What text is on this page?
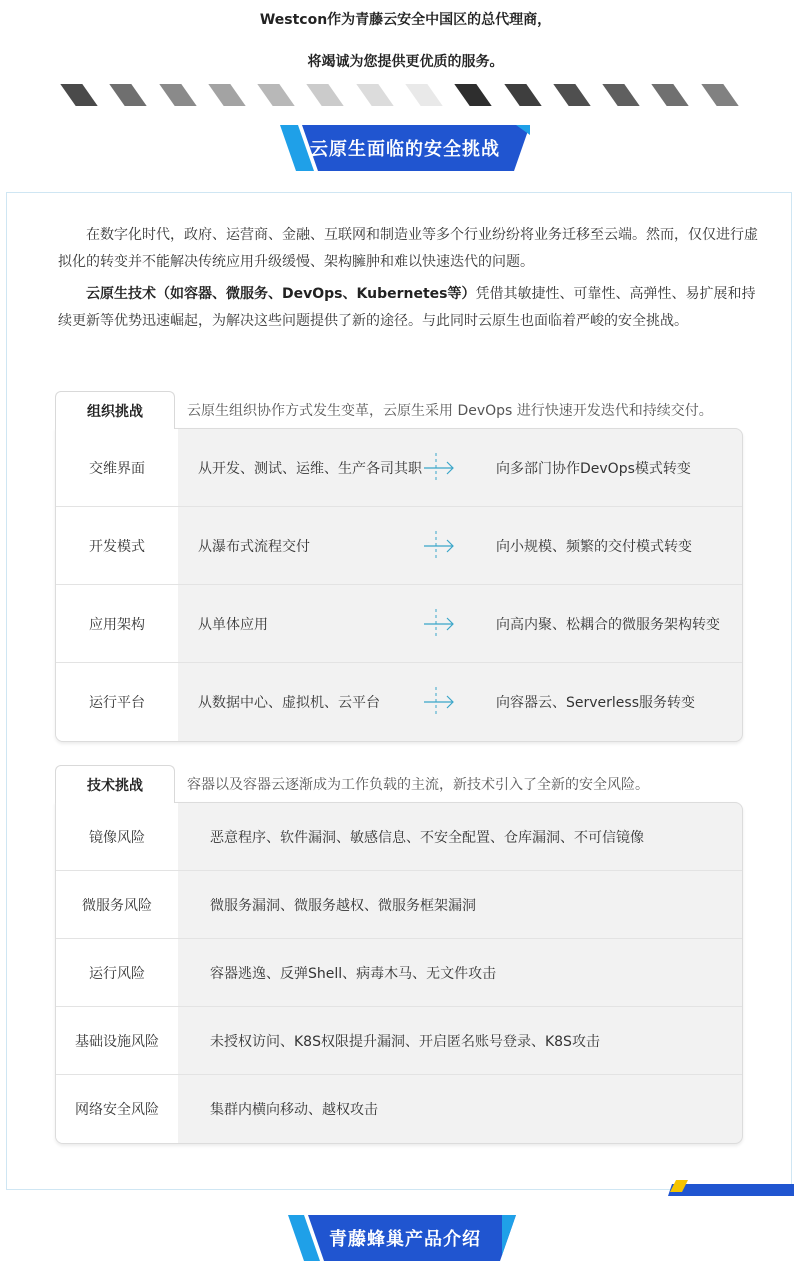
Westcon作为青藤云安全中国区的总代理商，
将竭诚为您提供更优质的服务。
云原生面临的安全挑战
在数字化时代，政府、运营商、金融、互联网和制造业等多个行业纷纷将业务迁移至云端。然而，仅仅进行虚拟化的转变并不能解决传统应用升级缓慢、架构臃肿和难以快速迭代的问题。
云原生技术（如容器、微服务、DevOps、Kubernetes等）凭借其敏捷性、可靠性、高弹性、易扩展和持续更新等优势迅速崛起，为解决这些问题提供了新的途径。与此同时云原生也面临着严峻的安全挑战。
组织挑战	云原生组织协作方式发生变革，云原生采用 DevOps 进行快速开发迭代和持续交付。
交维界面	从开发、测试、运维、生产各司其职	向多部门协作DevOps模式转变
开发模式	从瀑布式流程交付	向小规模、频繁的交付模式转变
应用架构	从单体应用	向高内聚、松耦合的微服务架构转变
运行平台	从数据中心、虚拟机、云平台	向容器云、Serverless服务转变
技术挑战	容器以及容器云逐渐成为工作负载的主流，新技术引入了全新的安全风险。
镜像风险	恶意程序、软件漏洞、敏感信息、不安全配置、仓库漏洞、不可信镜像
微服务风险	微服务漏洞、微服务越权、微服务框架漏洞
运行风险	容器逃逸、反弹Shell、病毒木马、无文件攻击
基础设施风险	未授权访问、K8S权限提升漏洞、开启匿名账号登录、K8S攻击
网络安全风险	集群内横向移动、越权攻击
青藤蜂巢产品介绍
